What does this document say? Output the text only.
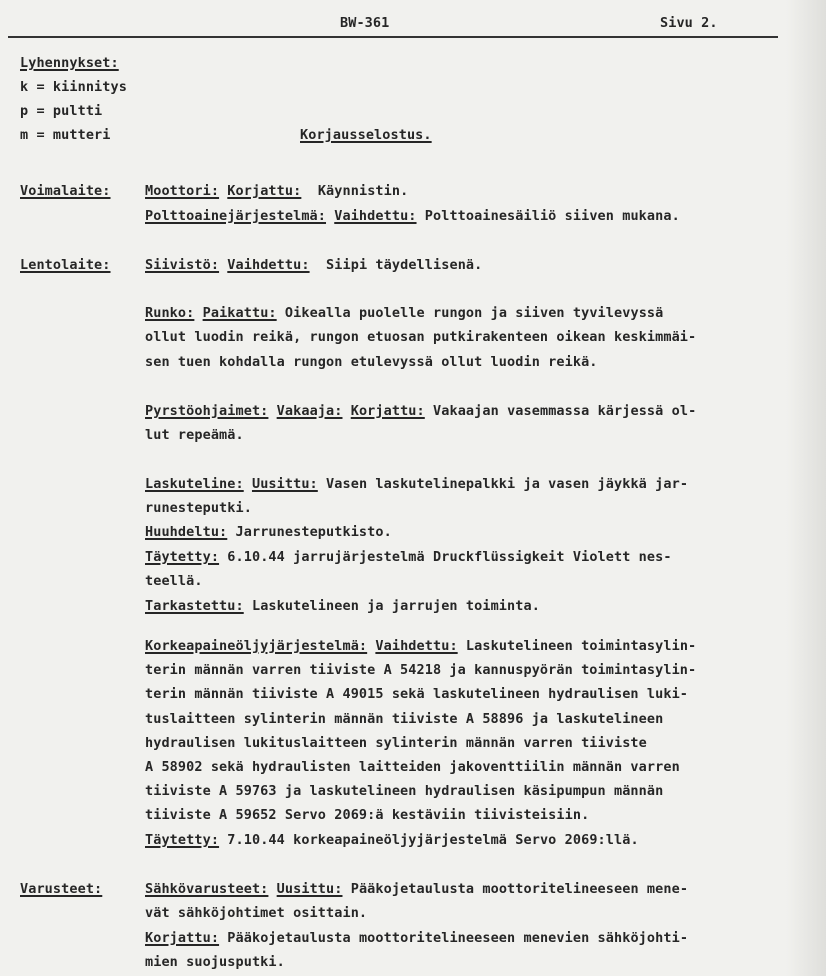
BW-361	Sivu 2.
Lyhennykset:
k = kiinnitys
p = pultti
m = mutteri	Korjausselostus.
Voimalaite:	Moottori: Korjattu: Käynnistin.
Polttoainejärjestelmä: Vaihdettu: Polttoainesäiliö siiven mukana.
Lentolaite:	Siivistö: Vaihdettu: Siipi täydellisenä.
Runko: Paikattu: Oikealla puolelle rungon ja siiven tyvilevyssä
ollut luodin reikä, rungon etuosan putkirakenteen oikean keskimmäi-
sen tuen kohdalla rungon etulevyssä ollut luodin reikä.
Pyrstöohjaimet: Vakaaja: Korjattu: Vakaajan vasemmassa kärjessä ol-
lut repeämä.
Laskuteline: Uusittu: Vasen laskutelinepalkki ja vasen jäykkä jar-
runesteputki.
Huuhdeltu: Jarrunesteputkisto.
Täytetty: 6.10.44 jarrujärjestelmä Druckflüssigkeit Violett nes-
teellä.
Tarkastettu: Laskutelineen ja jarrujen toiminta.
Korkeapaineöljyjärjestelmä: Vaihdettu: Laskutelineen toimintasylin-
terin männän varren tiiviste A 54218 ja kannuspyörän toimintasylin-
terin männän tiiviste A 49015 sekä laskutelineen hydraulisen luki-
tuslaitteen sylinterin männän tiiviste A 58896 ja laskutelineen
hydraulisen lukituslaitteen sylinterin männän varren tiiviste
A 58902 sekä hydraulisten laitteiden jakoventtiilin männän varren
tiiviste A 59763 ja laskutelineen hydraulisen käsipumpun männän
tiiviste A 59652 Servo 2069:ä kestäviin tiivisteisiin.
Täytetty: 7.10.44 korkeapaineöljyjärjestelmä Servo 2069:llä.
Varusteet:	Sähkövarusteet: Uusittu: Pääkojetaulusta moottoritelineeseen mene-
vät sähköjohtimet osittain.
Korjattu: Pääkojetaulusta moottoritelineeseen menevien sähköjohti-
mien suojusputki.
